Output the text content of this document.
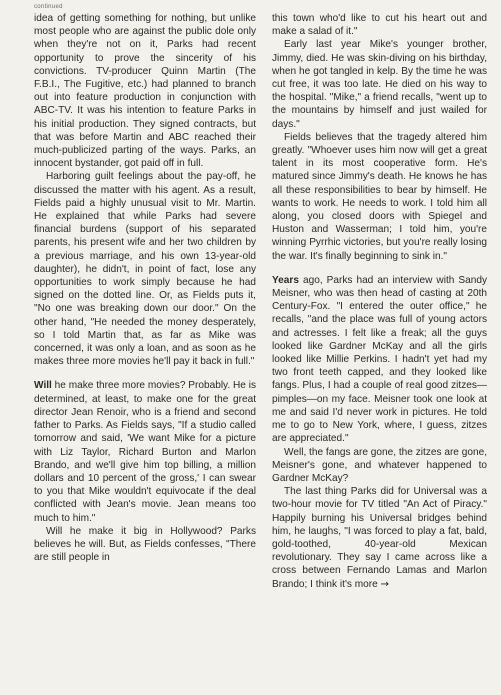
continued

idea of getting something for nothing, but unlike most people who are against the public dole only when they're not on it, Parks had recent opportunity to prove the sincerity of his convictions. TV-producer Quinn Martin (The F.B.I., The Fugitive, etc.) had planned to branch out into feature production in conjunction with ABC-TV. It was his intention to feature Parks in his initial production. They signed contracts, but that was before Martin and ABC reached their much-publicized parting of the ways. Parks, an innocent bystander, got paid off in full.

Harboring guilt feelings about the pay-off, he discussed the matter with his agent. As a result, Fields paid a highly unusual visit to Mr. Martin. He explained that while Parks had severe financial burdens (support of his separated parents, his present wife and her two children by a previous marriage, and his own 13-year-old daughter), he didn't, in point of fact, lose any opportunities to work simply because he had signed on the dotted line. Or, as Fields puts it, "No one was breaking down our door." On the other hand, "He needed the money desperately, so I told Martin that, as far as Mike was concerned, it was only a loan, and as soon as he makes three more movies he'll pay it back in full."

Will he make three more movies? Probably. He is determined, at least, to make one for the great director Jean Renoir, who is a friend and second father to Parks. As Fields says, "If a studio called tomorrow and said, 'We want Mike for a picture with Liz Taylor, Richard Burton and Marlon Brando, and we'll give him top billing, a million dollars and 10 percent of the gross,' I can swear to you that Mike wouldn't equivocate if the deal conflicted with Jean's movie. Jean means too much to him."

Will he make it big in Hollywood? Parks believes he will. But, as Fields confesses, "There are still people in

this town who'd like to cut his heart out and make a salad of it."

Early last year Mike's younger brother, Jimmy, died. He was skin-diving on his birthday, when he got tangled in kelp. By the time he was cut free, it was too late. He died on his way to the hospital. "Mike," a friend recalls, "went up to the mountains by himself and just wailed for days."

Fields believes that the tragedy altered him greatly. "Whoever uses him now will get a great talent in its most cooperative form. He's matured since Jimmy's death. He knows he has all these responsibilities to bear by himself. He wants to work. He needs to work. I told him all along, you closed doors with Spiegel and Huston and Wasserman; I told him, you're winning Pyrrhic victories, but you're really losing the war. It's finally beginning to sink in."

Years ago, Parks had an interview with Sandy Meisner, who was then head of casting at 20th Century-Fox. "I entered the outer office," he recalls, "and the place was full of young actors and actresses. I felt like a freak; all the guys looked like Gardner McKay and all the girls looked like Millie Perkins. I hadn't yet had my two front teeth capped, and they looked like fangs. Plus, I had a couple of real good zitzes—pimples—on my face. Meisner took one look at me and said I'd never work in pictures. He told me to go to New York, where, I guess, zitzes are appreciated."

Well, the fangs are gone, the zitzes are gone, Meisner's gone, and whatever happened to Gardner McKay?

The last thing Parks did for Universal was a two-hour movie for TV titled "An Act of Piracy." Happily burning his Universal bridges behind him, he laughs, "I was forced to play a fat, bald, gold-toothed, 40-year-old Mexican revolutionary. They say I came across like a cross between Fernando Lamas and Marlon Brando; I think it's more →
